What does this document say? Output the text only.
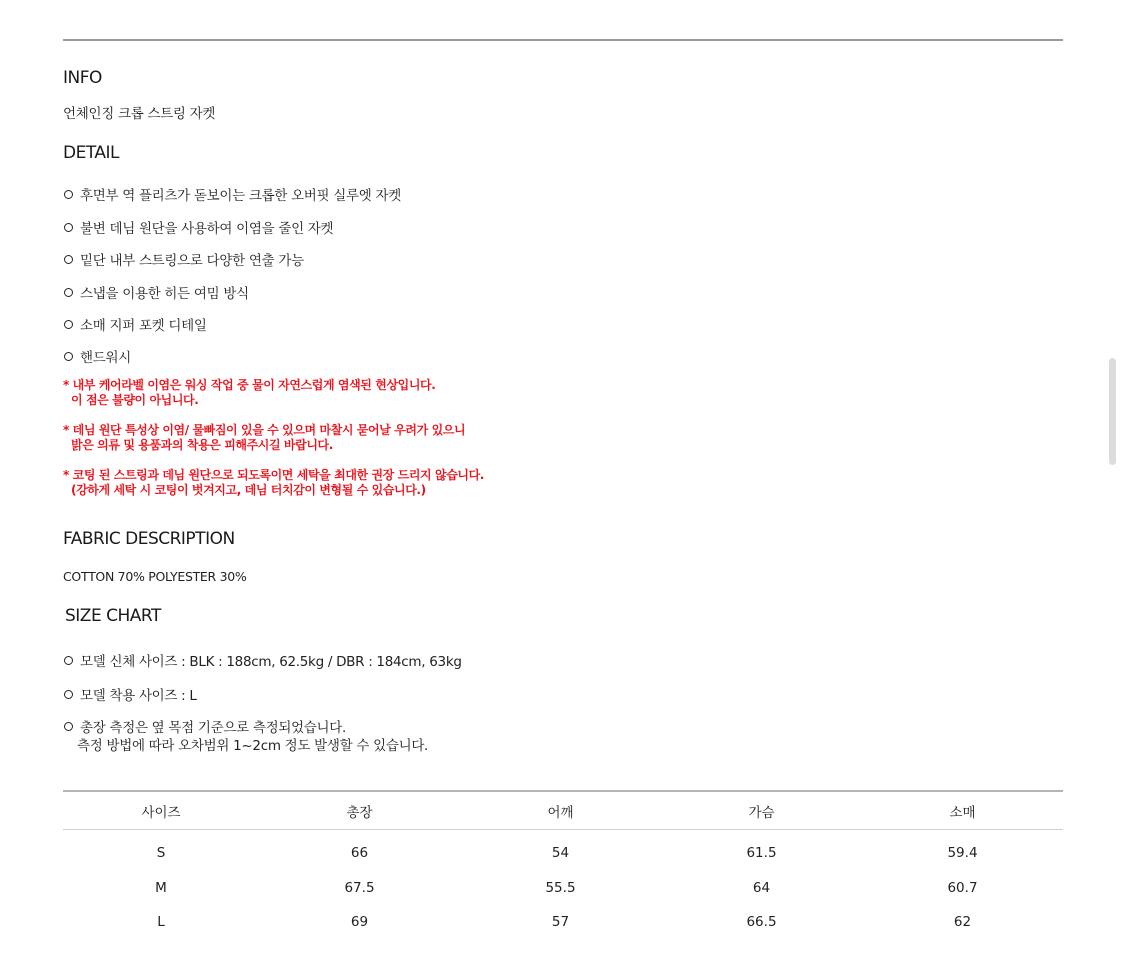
INFO
언체인징 크롭 스트링 자켓
DETAIL
후면부 역 플리츠가 돋보이는 크롭한 오버핏 실루엣 자켓
불변 데님 원단을 사용하여 이염을 줄인 자켓
밑단 내부 스트링으로 다양한 연출 가능
스냅을 이용한 히든 여밈 방식
소매 지퍼 포켓 디테일
핸드워시
* 내부 케어라벨 이염은 워싱 작업 중 물이 자연스럽게 염색된 현상입니다.
이 점은 불량이 아닙니다.
* 데님 원단 특성상 이염/ 물빠짐이 있을 수 있으며 마찰시 묻어날 우려가 있으니
밝은 의류 및 용품과의 착용은 피해주시길 바랍니다.
* 코팅 된 스트링과 데님 원단으로 되도록이면 세탁을 최대한 권장 드리지 않습니다.
(강하게 세탁 시 코팅이 벗겨지고, 데님 터치감이 변형될 수 있습니다.)
FABRIC DESCRIPTION
COTTON 70% POLYESTER 30%
SIZE CHART
모델 신체 사이즈 : BLK : 188cm, 62.5kg / DBR : 184cm, 63kg
모델 착용 사이즈 : L
총장 측정은 옆 목점 기준으로 측정되었습니다.
측정 방법에 따라 오차범위 1~2cm 정도 발생할 수 있습니다.
사이즈	총장	어깨	가슴	소매
S	66	54	61.5	59.4
M	67.5	55.5	64	60.7
L	69	57	66.5	62
